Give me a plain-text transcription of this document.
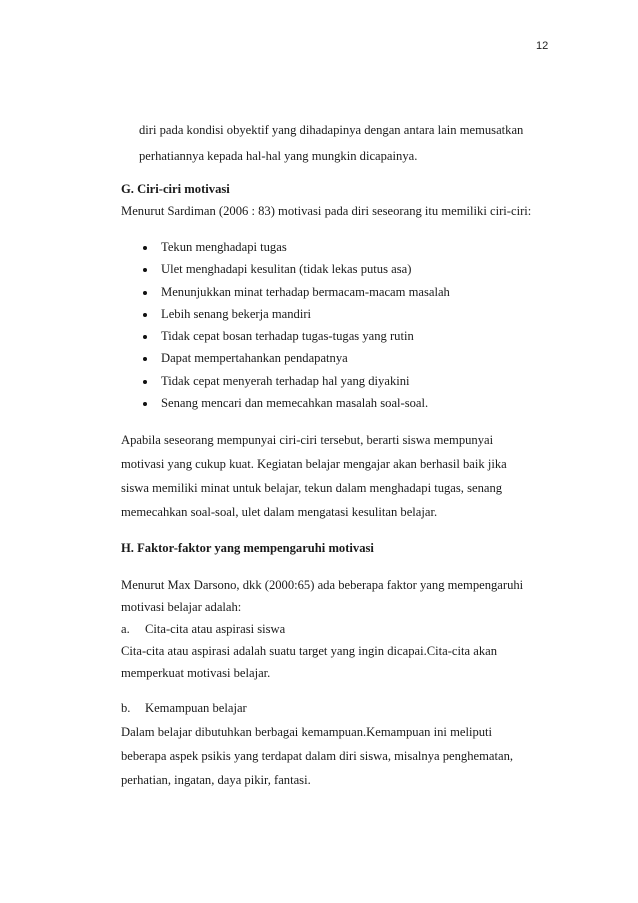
12
diri pada kondisi obyektif yang dihadapinya dengan antara lain memusatkan
perhatiannya kepada hal-hal yang mungkin dicapainya.
G. Ciri-ciri motivasi
Menurut Sardiman (2006 : 83) motivasi pada diri seseorang itu memiliki ciri-ciri:
Tekun menghadapi tugas
Ulet menghadapi kesulitan (tidak lekas putus asa)
Menunjukkan minat terhadap bermacam-macam masalah
Lebih senang bekerja mandiri
Tidak cepat bosan terhadap tugas-tugas yang rutin
Dapat mempertahankan pendapatnya
Tidak cepat menyerah terhadap hal yang diyakini
Senang mencari dan memecahkan masalah soal-soal.
Apabila seseorang mempunyai ciri-ciri tersebut, berarti siswa mempunyai
motivasi yang cukup kuat. Kegiatan belajar mengajar akan berhasil baik jika
siswa memiliki minat untuk belajar, tekun dalam menghadapi tugas, senang
memecahkan soal-soal, ulet dalam mengatasi kesulitan belajar.
H. Faktor-faktor yang mempengaruhi motivasi
Menurut Max Darsono, dkk (2000:65) ada beberapa faktor yang mempengaruhi
motivasi belajar adalah:
a. Cita-cita atau aspirasi siswa
Cita-cita atau aspirasi adalah suatu target yang ingin dicapai.Cita-cita akan
memperkuat motivasi belajar.
b. Kemampuan belajar
Dalam belajar dibutuhkan berbagai kemampuan.Kemampuan ini meliputi
beberapa aspek psikis yang terdapat dalam diri siswa, misalnya penghematan,
perhatian, ingatan, daya pikir, fantasi.
